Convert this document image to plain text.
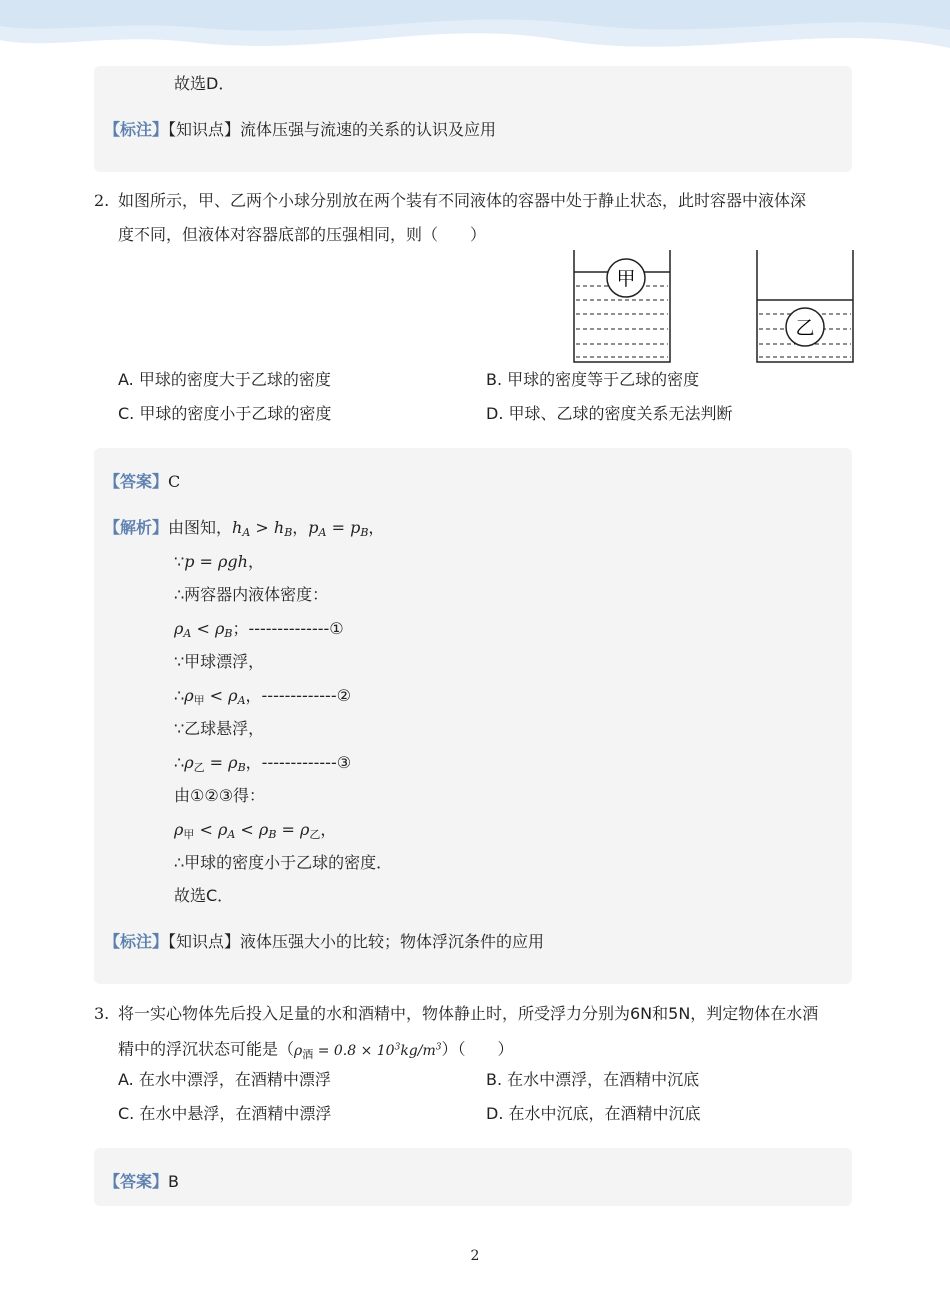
故选D．
【标注】【知识点】流体压强与流速的关系的认识及应用
2. 如图所示，甲、乙两个小球分别放在两个装有不同液体的容器中处于静止状态，此时容器中液体深
度不同，但液体对容器底部的压强相同，则（　　）
甲
乙
A. 甲球的密度大于乙球的密度	B. 甲球的密度等于乙球的密度
C. 甲球的密度小于乙球的密度	D. 甲球、乙球的密度关系无法判断
【答案】C
【解析】由图知，$h_A > h_B$，$p_A = p_B$，
∵p = ρgh，
∴两容器内液体密度：
$\rho_A < \rho_B$；--------------①
∵甲球漂浮，
∴ρ甲 < $\rho_A$，-------------②
∵乙球悬浮，
∴ρ乙 = $\rho_B$，-------------③
由①②③得：
ρ甲 < $\rho_A < \rho_B = \rho$乙，
∴甲球的密度小于乙球的密度．
故选C．
【标注】【知识点】液体压强大小的比较；物体浮沉条件的应用
3. 将一实心物体先后投入足量的水和酒精中，物体静止时，所受浮力分别为6N和5N，判定物体在水酒
精中的浮沉状态可能是$(\rho_酒 = 0.8 \times 10^3kg/m^3)$（　　）
A. 在水中漂浮，在酒精中漂浮	B. 在水中漂浮，在酒精中沉底
C. 在水中悬浮，在酒精中漂浮	D. 在水中沉底，在酒精中沉底
【答案】B
2
